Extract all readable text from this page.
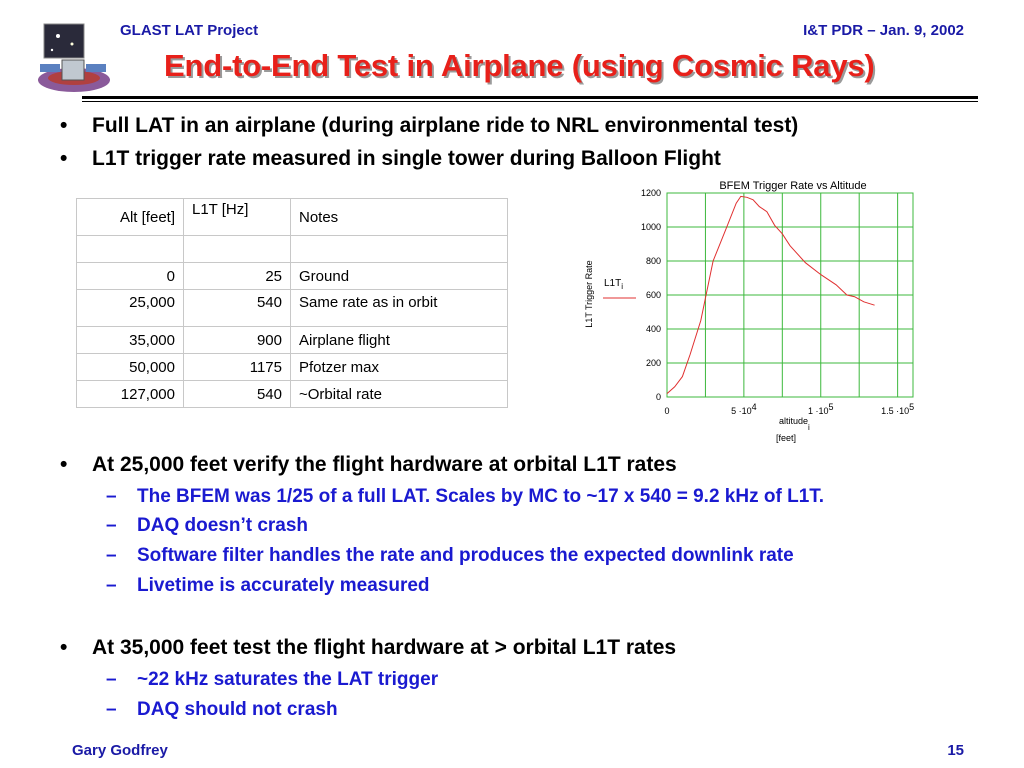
GLAST LAT Project	I&T PDR – Jan. 9, 2002
End-to-End Test in Airplane (using Cosmic Rays)
• Full LAT in an airplane (during airplane ride to NRL environmental test)
• L1T trigger rate measured in single tower during Balloon Flight
Alt [feet]	L1T [Hz]	Notes

0	25	Ground
25,000	540	Same rate as in orbit
35,000	900	Airplane flight
50,000	1175	Pfotzer max
127,000	540	~Orbital rate
BFEM Trigger Rate vs Altitude
0
200
400
600
800
1000
1200
0	5 ·104	1 ·105	1.5 ·105
L1T Trigger Rate $L1T_i$
altitudei
[feet]
• At 25,000 feet verify the flight hardware at orbital L1T rates
– The BFEM was 1/25 of a full LAT. Scales by MC to ~17 x 540 = 9.2 kHz of L1T.
– DAQ doesn’t crash
– Software filter handles the rate and produces the expected downlink rate
– Livetime is accurately measured
• At 35,000 feet test the flight hardware at > orbital L1T rates
– ~22 kHz saturates the LAT trigger
– DAQ should not crash
Gary Godfrey	15
